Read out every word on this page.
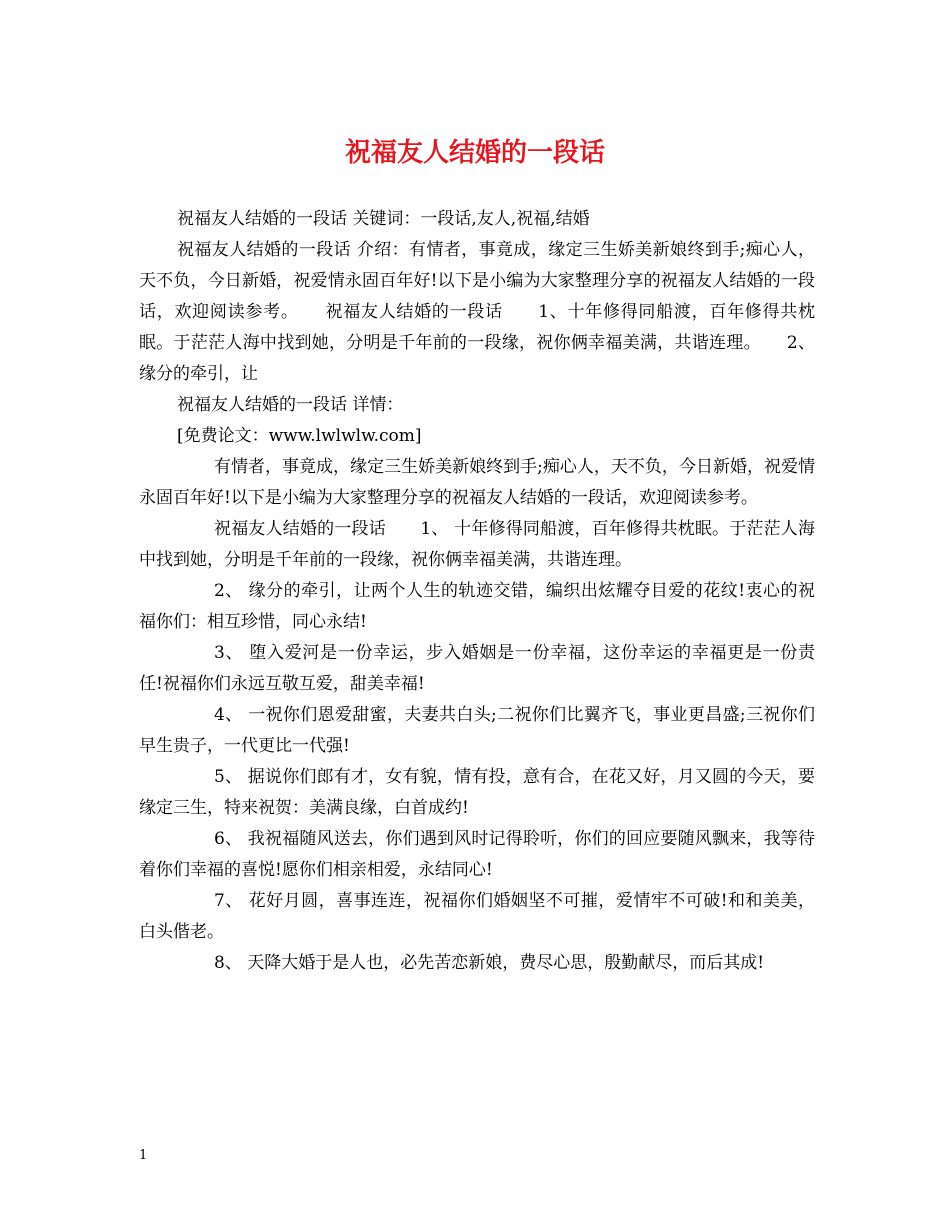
祝福友人结婚的一段话

祝福友人结婚的一段话 关键词：一段话,友人,祝福,结婚

祝福友人结婚的一段话 介绍：有情者，事竟成，缘定三生娇美新娘终到手;痴心人，天不负，今日新婚，祝爱情永固百年好!以下是小编为大家整理分享的祝福友人结婚的一段话，欢迎阅读参考。　　祝福友人结婚的一段话　　1、十年修得同船渡，百年修得共枕眠。于茫茫人海中找到她，分明是千年前的一段缘，祝你俩幸福美满，共谐连理。　　2、缘分的牵引，让

祝福友人结婚的一段话 详情：

[免费论文：www.lwlwlw.com]

有情者，事竟成，缘定三生娇美新娘终到手;痴心人，天不负，今日新婚，祝爱情永固百年好!以下是小编为大家整理分享的祝福友人结婚的一段话，欢迎阅读参考。

祝福友人结婚的一段话　　1、 十年修得同船渡，百年修得共枕眠。于茫茫人海中找到她，分明是千年前的一段缘，祝你俩幸福美满，共谐连理。

2、 缘分的牵引，让两个人生的轨迹交错，编织出炫耀夺目爱的花纹!衷心的祝福你们：相互珍惜，同心永结!

3、 堕入爱河是一份幸运，步入婚姻是一份幸福，这份幸运的幸福更是一份责任!祝福你们永远互敬互爱，甜美幸福!

4、 一祝你们恩爱甜蜜，夫妻共白头;二祝你们比翼齐飞，事业更昌盛;三祝你们早生贵子，一代更比一代强!

5、 据说你们郎有才，女有貌，情有投，意有合，在花又好，月又圆的今天，要缘定三生，特来祝贺：美满良缘，白首成约!

6、 我祝福随风送去，你们遇到风时记得聆听，你们的回应要随风飘来，我等待着你们幸福的喜悦!愿你们相亲相爱，永结同心!

7、 花好月圆，喜事连连，祝福你们婚姻坚不可摧，爱情牢不可破!和和美美，白头偕老。

8、 天降大婚于是人也，必先苦恋新娘，费尽心思，殷勤献尽，而后其成!

1
